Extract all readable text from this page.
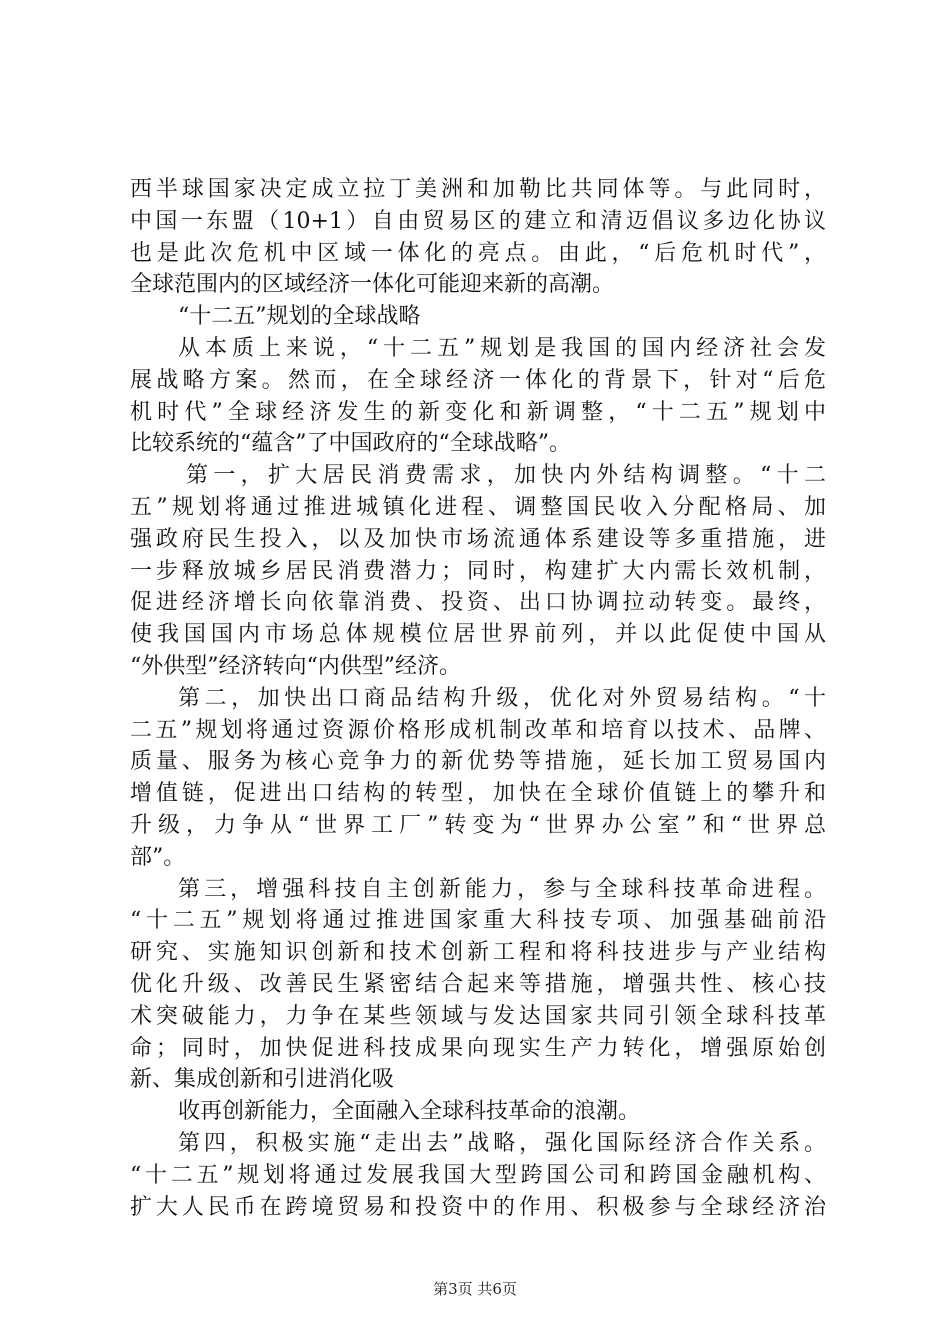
西半球国家决定成立拉丁美洲和加勒比共同体等。与此同时，
中国一东盟（10+1）自由贸易区的建立和清迈倡议多边化协议
也是此次危机中区域一体化的亮点。由此，“后危机时代”，
全球范围内的区域经济一体化可能迎来新的高潮。
“十二五”规划的全球战略
从本质上来说，“十二五”规划是我国的国内经济社会发
展战略方案。然而，在全球经济一体化的背景下，针对“后危
机时代”全球经济发生的新变化和新调整，“十二五”规划中
比较系统的“蕴含”了中国政府的“全球战略”。
第一，扩大居民消费需求，加快内外结构调整。“十二
五”规划将通过推进城镇化进程、调整国民收入分配格局、加
强政府民生投入，以及加快市场流通体系建设等多重措施，进
一步释放城乡居民消费潜力；同时，构建扩大内需长效机制，
促进经济增长向依靠消费、投资、出口协调拉动转变。最终，
使我国国内市场总体规模位居世界前列，并以此促使中国从
“外供型”经济转向“内供型”经济。
第二，加快出口商品结构升级，优化对外贸易结构。“十
二五”规划将通过资源价格形成机制改革和培育以技术、品牌、
质量、服务为核心竞争力的新优势等措施，延长加工贸易国内
增值链，促进出口结构的转型，加快在全球价值链上的攀升和
升级，力争从“世界工厂”转变为“世界办公室”和“世界总
部”。
第三，增强科技自主创新能力，参与全球科技革命进程。
“十二五”规划将通过推进国家重大科技专项、加强基础前沿
研究、实施知识创新和技术创新工程和将科技进步与产业结构
优化升级、改善民生紧密结合起来等措施，增强共性、核心技
术突破能力，力争在某些领域与发达国家共同引领全球科技革
命；同时，加快促进科技成果向现实生产力转化，增强原始创
新、集成创新和引进消化吸
收再创新能力，全面融入全球科技革命的浪潮。
第四，积极实施“走出去”战略，强化国际经济合作关系。
“十二五”规划将通过发展我国大型跨国公司和跨国金融机构、
扩大人民币在跨境贸易和投资中的作用、积极参与全球经济治
第3页 共6页
